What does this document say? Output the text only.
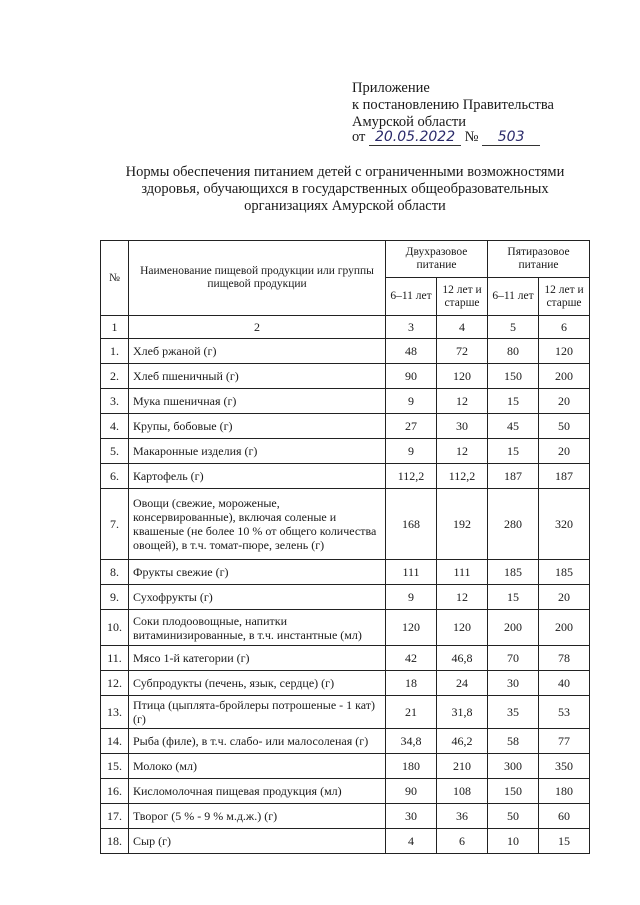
Приложение
к постановлению Правительства
Амурской области
от 20.05.2022 № 503
Нормы обеспечения питанием детей с ограниченными возможностями здоровья, обучающихся в государственных общеобразовательных организациях Амурской области
№	Наименование пищевой продукции или группы пищевой продукции	Двухразовое питание		Пятиразовое питание	
		6–11 лет	12 лет и старше	6–11 лет	12 лет и старше
1	2	3	4	5	6
1.	Хлеб ржаной (г)	48	72	80	120
2.	Хлеб пшеничный (г)	90	120	150	200
3.	Мука пшеничная (г)	9	12	15	20
4.	Крупы, бобовые (г)	27	30	45	50
5.	Макаронные изделия (г)	9	12	15	20
6.	Картофель (г)	112,2	112,2	187	187
7.	Овощи (свежие, мороженые, консервированные), включая соленые и квашеные (не более 10 % от общего количества овощей), в т.ч. томат-пюре, зелень (г)	168	192	280	320
8.	Фрукты свежие (г)	111	111	185	185
9.	Сухофрукты (г)	9	12	15	20
10.	Соки плодоовощные, напитки витаминизированные, в т.ч. инстантные (мл)	120	120	200	200
11.	Мясо 1-й категории (г)	42	46,8	70	78
12.	Субпродукты (печень, язык, сердце) (г)	18	24	30	40
13.	Птица (цыплята-бройлеры потрошеные - 1 кат) (г)	21	31,8	35	53
14.	Рыба (филе), в т.ч. слабо- или малосоленая (г)	34,8	46,2	58	77
15.	Молоко (мл)	180	210	300	350
16.	Кисломолочная пищевая продукция (мл)	90	108	150	180
17.	Творог (5 % - 9 % м.д.ж.) (г)	30	36	50	60
18.	Сыр (г)	4	6	10	15
